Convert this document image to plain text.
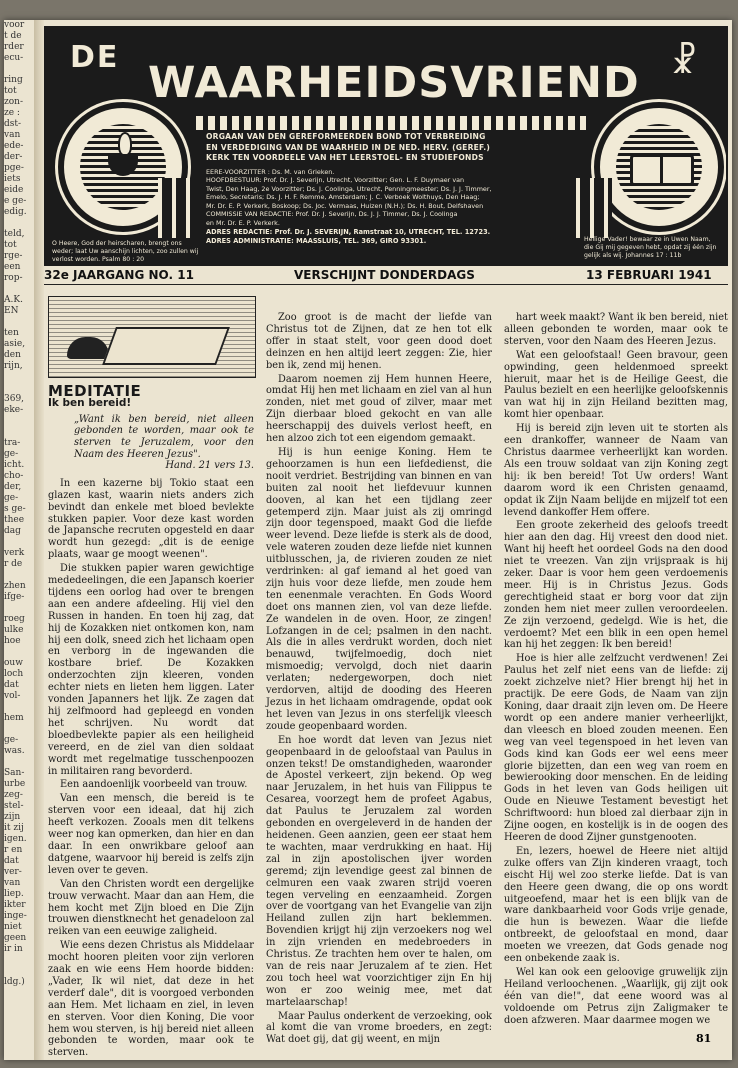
voor
t de
rder
ecu-

ring
tot
zon-
ze :
dst-
van
ede-
der-
pge-
iets
eide
e ge-
edig.

teld,
tot
rge-
een
rop-

A.K.
EN

ten
asie,
den
rijn,

369,
eke-

tra-
ge-
icht.
cho-
der,
ge-
s ge-
thee
dag

verk
r de

zhen
ifge-

roeg
ulke
hoe

ouw
loch
dat
vol-

hem

ge-
was.

San-
urbe
zeg-
stel-
zijn
it zij
igen.
r en
dat
ver-
van
liep.
ikter
inge-
niet
geen
ir in

ldg.)
DE
WAARHEIDSVRIEND ☧
ORGAAN VAN DEN GEREFORMEERDEN BOND TOT VERBREIDING
EN VERDEDIGING VAN DE WAARHEID IN DE NED. HERV. (GEREF.)
KERK TEN VOORDEELE VAN HET LEERSTOEL- EN STUDIEFONDS
EERE-VOORZITTER : Ds. M. van Grieken.
HOOFDBESTUUR: Prof. Dr. J. Severijn, Utrecht, Voorzitter; Gen. L. F. Duymaer van
Twist, Den Haag, 2e Voorzitter; Ds. J. Coolinga, Utrecht, Penningmeester; Ds. J. J. Timmer,
Emelo, Secretaris; Ds. J. H. F. Remme, Amsterdam; J. C. Verboek Wolthuys, Den Haag;
Mr. Dr. E. P. Verkerk, Boskoop; Ds. Joc. Vermaas, Huizen (N.H.); Ds. H. Bout, Delfshaven
COMMISSIE VAN REDACTIE: Prof. Dr. J. Severijn, Ds. J. J. Timmer, Ds. J. Coolinga
en Mr. Dr. E. P. Verkerk.
ADRES REDACTIE: Prof. Dr. J. SEVERIJN, Ramstraat 10, UTRECHT, TEL. 12723.
ADRES ADMINISTRATIE: MAASSLUIS, TEL. 369, GIRO 93301.
O Heere, God der heirscharen, brengt ons weder; laat Uw aanschijn lichten, zoo zullen wij verlost worden. Psalm 80 : 20
Heilige Vader! bewaar ze in Uwen Naam, die Gij mij gegeven hebt, opdat zij één zijn gelijk als wij. Johannes 17 : 11b
32e JAARGANG NO. 11	VERSCHIJNT DONDERDAGS	13 FEBRUARI 1941
MEDITATIE
Ik ben bereid!
„Want ik ben bereid, niet alleen gebonden te worden, maar ook te sterven te Jeruzalem, voor den Naam des Heeren Jezus".
Hand. 21 vers 13.

In een kazerne bij Tokio staat een glazen kast, waarin niets anders zich bevindt dan enkele met bloed bevlekte stukken papier. Voor deze kast worden de Japansche recruten opgesteld en daar wordt hun gezegd: „dit is de eenige plaats, waar ge moogt weenen".

Die stukken papier waren gewichtige mededeelingen, die een Japansch koerier tijdens een oorlog had over te brengen aan een andere afdeeling. Hij viel den Russen in handen. En toen hij zag, dat hij de Kozakken niet ontkomen kon, nam hij een dolk, sneed zich het lichaam open en verborg in de ingewanden die kostbare brief. De Kozakken onderzochten zijn kleeren, vonden echter niets en lieten hem liggen. Later vonden Japanners het lijk. Ze zagen dat hij zelfmoord had gepleegd en vonden het schrijven. Nu wordt dat bloedbevlekte papier als een heiligheid vereerd, en de ziel van dien soldaat wordt met regelmatige tusschenpoozen in militairen rang bevorderd.

Een aandoenlijk voorbeeld van trouw.

Van een mensch, die bereid is te sterven voor een ideaal, dat hij zich heeft verkozen. Zooals men dit telkens weer nog kan opmerken, dan hier en dan daar. In een onwrikbare geloof aan datgene, waarvoor hij bereid is zelfs zijn leven over te geven.

Van den Christen wordt een dergelijke trouw verwacht. Maar dan aan Hem, die hem kocht met Zijn bloed en Die Zijn trouwen dienstknecht het genadeloon zal reiken van een eeuwige zaligheid.

Wie eens dezen Christus als Middelaar mocht hooren pleiten voor zijn verloren zaak en wie eens Hem hoorde bidden: „Vader, Ik wil niet, dat deze in het verderf dale", dit is voorgoed verbonden aan Hem. Met lichaam en ziel, in leven en sterven. Voor dien Koning, Die voor hem wou sterven, is hij bereid niet alleen gebonden te worden, maar ook te sterven.

Zoo groot is de macht der liefde van Christus tot de Zijnen, dat ze hen tot elk offer in staat stelt, voor geen dood doet deinzen en hen altijd leert zeggen: Zie, hier ben ik, zend mij henen.

Daarom noemen zij Hem hunnen Heere, omdat Hij hen met lichaam en ziel van al hun zonden, niet met goud of zilver, maar met Zijn dierbaar bloed gekocht en van alle heerschappij des duivels verlost heeft, en hen alzoo zich tot een eigendom gemaakt.

Hij is hun eenige Koning. Hem te gehoorzamen is hun een liefdedienst, die nooit verdriet. Bestrijding van binnen en van buiten zal nooit het liefdevuur kunnen dooven, al kan het een tijdlang zeer getemperd zijn. Maar juist als zij omringd zijn door tegenspoed, maakt God die liefde weer levend. Deze liefde is sterk als de dood, vele wateren zouden deze liefde niet kunnen uitblusschen, ja, de rivieren zouden ze niet verdrinken: al gaf iemand al het goed van zijn huis voor deze liefde, men zoude hem ten eenenmale verachten. En Gods Woord doet ons mannen zien, vol van deze liefde. Ze wandelen in de oven. Hoor, ze zingen! Lofzangen in de cel; psalmen in den nacht. Als die in alles verdrukt worden, doch niet benauwd, twijfelmoedig, doch niet mismoedig; vervolgd, doch niet daarin verlaten; nedergeworpen, doch niet verdorven, altijd de dooding des Heeren Jezus in het lichaam omdragende, opdat ook het leven van Jezus in ons sterfelijk vleesch zoude geopenbaard worden.

En hoe wordt dat leven van Jezus niet geopenbaard in de geloofstaal van Paulus in onzen tekst! De omstandigheden, waaronder de Apostel verkeert, zijn bekend. Op weg naar Jeruzalem, in het huis van Filippus te Cesarea, voorzegt hem de profeet Agabus, dat Paulus te Jeruzalem zal worden gebonden en overgeleverd in de handen der heidenen. Geen aanzien, geen eer staat hem te wachten, maar verdrukking en haat. Hij zal in zijn apostolischen ijver worden geremd; zijn levendige geest zal binnen de celmuren een vaak zwaren strijd voeren tegen verveling en eenzaamheid. Zorgen over de voortgang van het Evangelie van zijn Heiland zullen zijn hart beklemmen. Bovendien krijgt hij zijn verzoekers nog wel in zijn vrienden en medebroeders in Christus. Ze trachten hem over te halen, om van de reis naar Jeruzalem af te zien. Het zou toch heel wat voorzichtiger zijn En hij won er zoo weinig mee, met dat martelaarschap!

Maar Paulus onderkent de verzoeking, ook al komt die van vrome broeders, en zegt: Wat doet gij, dat gij weent, en mijn

hart week maakt? Want ik ben bereid, niet alleen gebonden te worden, maar ook te sterven, voor den Naam des Heeren Jezus.

Wat een geloofstaal! Geen bravour, geen opwinding, geen heldenmoed spreekt hieruit, maar het is de Heilige Geest, die Paulus bezielt en een heerlijke geloofskennis van wat hij in zijn Heiland bezitten mag, komt hier openbaar.

Hij is bereid zijn leven uit te storten als een drankoffer, wanneer de Naam van Christus daarmee verheerlijkt kan worden. Als een trouw soldaat van zijn Koning zegt hij: ik ben bereid! Tot Uw orders! Want daarom word ik een Christen genaamd, opdat ik Zijn Naam belijde en mijzelf tot een levend dankoffer Hem offere.

Een groote zekerheid des geloofs treedt hier aan den dag. Hij vreest den dood niet. Want hij heeft het oordeel Gods na den dood niet te vreezen. Van zijn vrijspraak is hij zeker. Daar is voor hem geen verdoemenis meer. Hij is in Christus Jezus. Gods gerechtigheid staat er borg voor dat zijn zonden hem niet meer zullen veroordeelen. Ze zijn verzoend, gedelgd. Wie is het, die verdoemt? Met een blik in een open hemel kan hij het zeggen: Ik ben bereid!

Hoe is hier alle zelfzucht verdwenen! Zei Paulus het zelf niet eens van de liefde: zij zoekt zichzelve niet? Hier brengt hij het in practijk. De eere Gods, de Naam van zijn Koning, daar draait zijn leven om. De Heere wordt op een andere manier verheerlijkt, dan vleesch en bloed zouden meenen. Een weg van veel tegenspoed in het leven van Gods kind kan Gods eer wel eens meer glorie bijzetten, dan een weg van roem en bewierooking door menschen. En de leiding Gods in het leven van Gods heiligen uit Oude en Nieuwe Testament bevestigt het Schriftwoord: hun bloed zal dierbaar zijn in Zijne oogen, en kostelijk is in de oogen des Heeren de dood Zijner gunstgenooten.

En, lezers, hoewel de Heere niet altijd zulke offers van Zijn kinderen vraagt, toch eischt Hij wel zoo sterke liefde. Dat is van den Heere geen dwang, die op ons wordt uitgeoefend, maar het is een blijk van de ware dankbaarheid voor Gods vrije genade, die hun is bewezen. Waar die liefde ontbreekt, de geloofstaal en mond, daar moeten we vreezen, dat Gods genade nog een onbekende zaak is.

Wel kan ook een geloovige gruwelijk zijn Heiland verloochenen. „Waarlijk, gij zijt ook één van die!", dat eene woord was al voldoende om Petrus zijn Zaligmaker te doen afzweren. Maar daarmee mogen we

81
